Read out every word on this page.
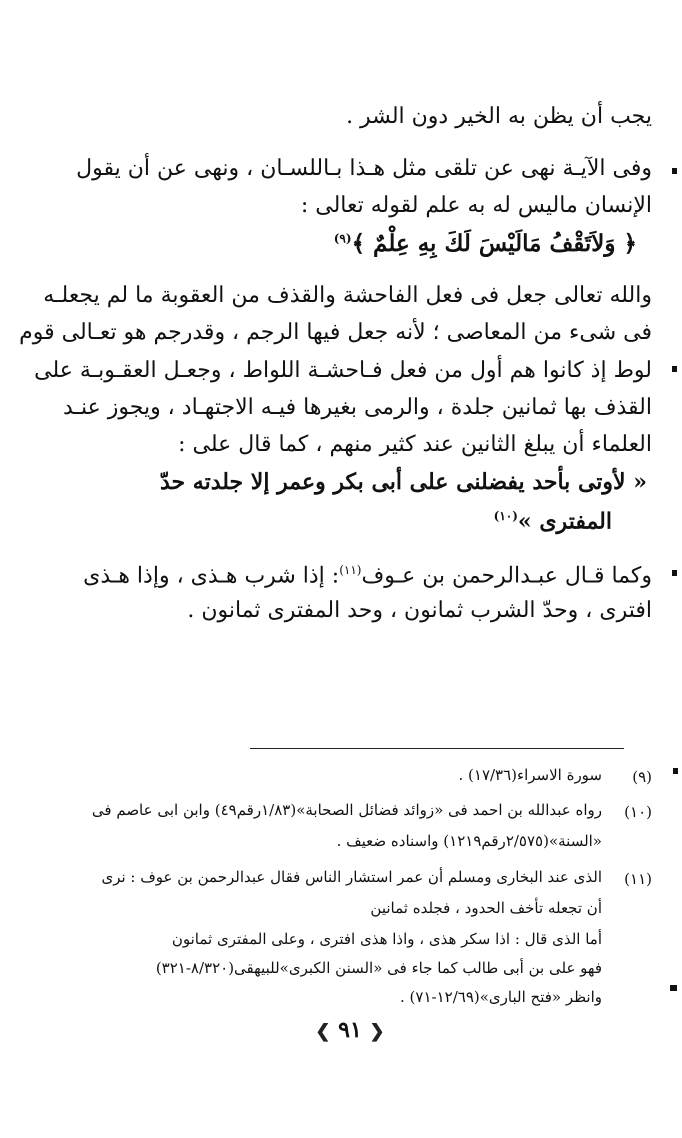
يجب أن يظن به الخير دون الشر .

وفى الآيـة نهى عن تلقى مثل هـذا بـاللسـان ، ونهى عن أن يقول

الإنسان ماليس له به علم لقوله تعالى :

﴿ وَلاَتَقْفُ مَالَيْسَ لَكَ بِهِ عِلْمٌ ﴾$^{(٩)}$

والله تعالى جعل فى فعل الفاحشة والقذف من العقوبة ما لم يجعلـه

فى شىء من المعاصى ؛ لأنه جعل فيها الرجم ، وقدرجم هو تعـالى قوم

لوط إذ كانوا هم أول من فعل فـاحشـة اللواط ، وجعـل العقـوبـة على

القذف بها ثمانين جلدة ، والرمى بغيرها فيـه الاجتهـاد ، ويجوز عنـد

العلماء أن يبلغ الثانين عند كثير منهم ، كما قال على :

« لأوتى بأحد يفضلنى على أبى بكر وعمر إلا جلدته حدّ

المفترى »$^{(١٠)}$

وكما قـال عبـدالرحمن بن عـوف$^{(١١)}$: إذا شرب هـذى ، وإذا هـذى

افترى ، وحدّ الشرب ثمانون ، وحد المفترى ثمانون .

(٩)

سورة الاسراء(١٧/٣٦) .

(١٠)

رواه عبدالله بن احمد فى «زوائد فضائل الصحابة»(١/٨٣رقم٤٩) وابن ابى عاصم فى

«السنة»(٢/٥٧٥رقم١٢١٩) واسناده ضعيف .

(١١)

الذى عند البخارى ومسلم أن عمر استشار الناس فقال عبدالرحمن بن عوف : نرى

أن تجعله تأخف الحدود ، فجلده ثمانين

أما الذى قال : اذا سكر هذى ، واذا هذى افترى ، وعلى المفترى ثمانون

فهو على بن أبى طالب كما جاء فى «السنن الكبرى»للبيهقى(٨/٣٢٠-٣٢١)

وانظر «فتح البارى»(١٢/٦٩-٧١) .

❮ ٩١ ❯
